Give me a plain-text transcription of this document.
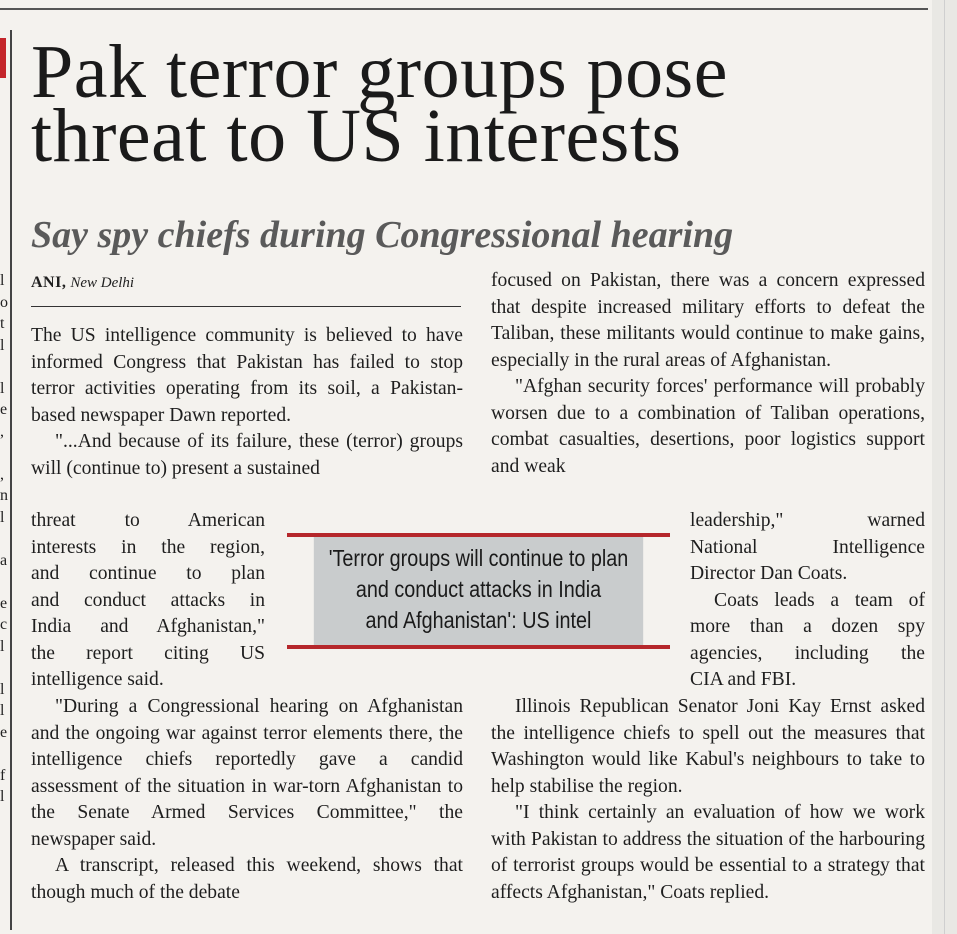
l
o
t
l
l
e
,
,
n
l
a
e
c
l
l
l
e
f
l
Pak terror groups pose
threat to US interests
Say spy chiefs during Congressional hearing
ANI, New Delhi

The US intelligence community is believed to have informed Congress that Pakistan has failed to stop terror activities operating from its soil, a Pakistan-based newspaper Dawn reported.

"...And because of its failure, these (terror) groups will (continue to) present a sustained

threat to American
interests in the region,
and continue to plan
and conduct attacks in
India and Afghanistan,"
the report citing US
intelligence said.

"During a Congressional hearing on Afghanistan and the ongoing war against terror elements there, the intelligence chiefs reportedly gave a candid assessment of the situation in war-torn Afghanistan to the Senate Armed Services Committee," the newspaper said.

A transcript, released this weekend, shows that though much of the debate

focused on Pakistan, there was a concern expressed that despite increased military efforts to defeat the Taliban, these militants would continue to make gains, especially in the rural areas of Afghanistan.

"Afghan security forces' performance will probably worsen due to a combination of Taliban operations, combat casualties, desertions, poor logistics support and weak

leadership," warned
National Intelligence
Director Dan Coats.
Coats leads a team of
more than a dozen spy
agencies, including the
CIA and FBI.

Illinois Republican Senator Joni Kay Ernst asked the intelligence chiefs to spell out the measures that Washington would like Kabul's neighbours to take to help stabilise the region.

"I think certainly an evaluation of how we work with Pakistan to address the situation of the harbouring of terrorist groups would be essential to a strategy that affects Afghanistan," Coats replied.

'Terror groups will continue to plan
and conduct attacks in India
and Afghanistan': US intel
